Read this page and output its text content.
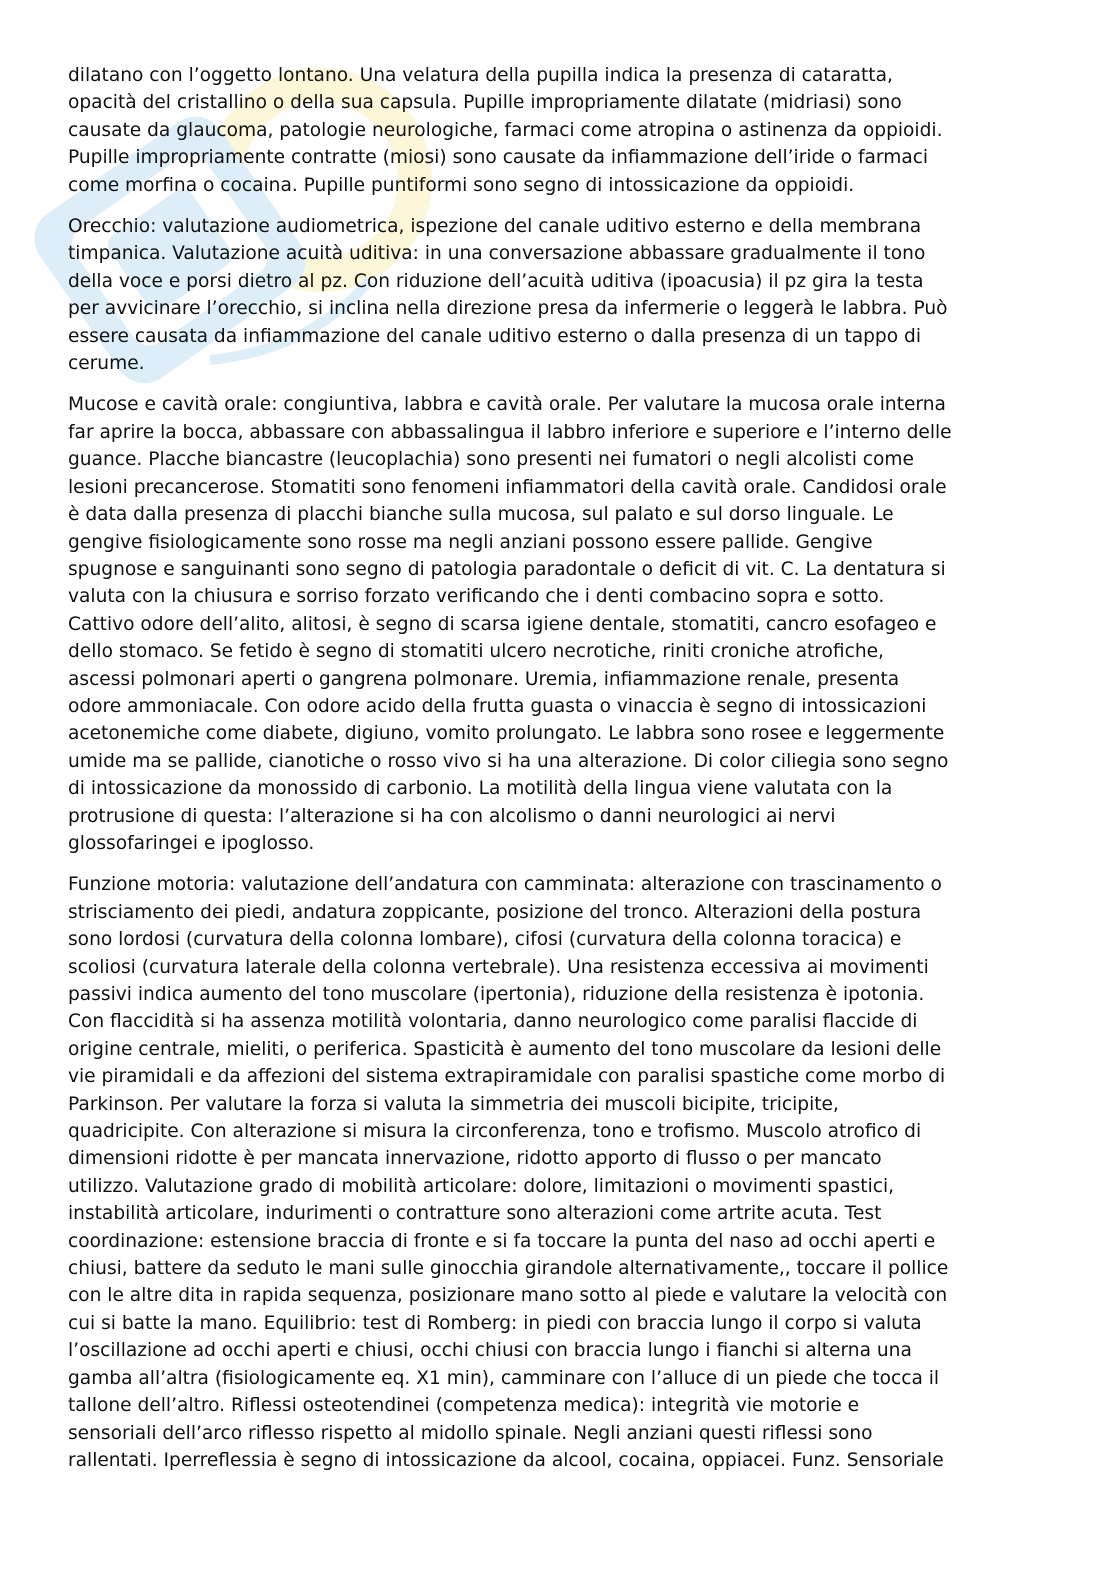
dilatano con l’oggetto lontano. Una velatura della pupilla indica la presenza di cataratta,
opacità del cristallino o della sua capsula. Pupille impropriamente dilatate (midriasi) sono
causate da glaucoma, patologie neurologiche, farmaci come atropina o astinenza da oppioidi.
Pupille impropriamente contratte (miosi) sono causate da infiammazione dell’iride o farmaci
come morfina o cocaina. Pupille puntiformi sono segno di intossicazione da oppioidi.

Orecchio: valutazione audiometrica, ispezione del canale uditivo esterno e della membrana
timpanica. Valutazione acuità uditiva: in una conversazione abbassare gradualmente il tono
della voce e porsi dietro al pz. Con riduzione dell’acuità uditiva (ipoacusia) il pz gira la testa
per avvicinare l’orecchio, si inclina nella direzione presa da infermerie o leggerà le labbra. Può
essere causata da infiammazione del canale uditivo esterno o dalla presenza di un tappo di
cerume.

Mucose e cavità orale: congiuntiva, labbra e cavità orale. Per valutare la mucosa orale interna
far aprire la bocca, abbassare con abbassalingua il labbro inferiore e superiore e l’interno delle
guance. Placche biancastre (leucoplachia) sono presenti nei fumatori o negli alcolisti come
lesioni precancerose. Stomatiti sono fenomeni infiammatori della cavità orale. Candidosi orale
è data dalla presenza di placchi bianche sulla mucosa, sul palato e sul dorso linguale. Le
gengive fisiologicamente sono rosse ma negli anziani possono essere pallide. Gengive
spugnose e sanguinanti sono segno di patologia paradontale o deficit di vit. C. La dentatura si
valuta con la chiusura e sorriso forzato verificando che i denti combacino sopra e sotto.
Cattivo odore dell’alito, alitosi, è segno di scarsa igiene dentale, stomatiti, cancro esofageo e
dello stomaco. Se fetido è segno di stomatiti ulcero necrotiche, riniti croniche atrofiche,
ascessi polmonari aperti o gangrena polmonare. Uremia, infiammazione renale, presenta
odore ammoniacale. Con odore acido della frutta guasta o vinaccia è segno di intossicazioni
acetonemiche come diabete, digiuno, vomito prolungato. Le labbra sono rosee e leggermente
umide ma se pallide, cianotiche o rosso vivo si ha una alterazione. Di color ciliegia sono segno
di intossicazione da monossido di carbonio. La motilità della lingua viene valutata con la
protrusione di questa: l’alterazione si ha con alcolismo o danni neurologici ai nervi
glossofaringei e ipoglosso.

Funzione motoria: valutazione dell’andatura con camminata: alterazione con trascinamento o
strisciamento dei piedi, andatura zoppicante, posizione del tronco. Alterazioni della postura
sono lordosi (curvatura della colonna lombare), cifosi (curvatura della colonna toracica) e
scoliosi (curvatura laterale della colonna vertebrale). Una resistenza eccessiva ai movimenti
passivi indica aumento del tono muscolare (ipertonia), riduzione della resistenza è ipotonia.
Con flaccidità si ha assenza motilità volontaria, danno neurologico come paralisi flaccide di
origine centrale, mieliti, o periferica. Spasticità è aumento del tono muscolare da lesioni delle
vie piramidali e da affezioni del sistema extrapiramidale con paralisi spastiche come morbo di
Parkinson. Per valutare la forza si valuta la simmetria dei muscoli bicipite, tricipite,
quadricipite. Con alterazione si misura la circonferenza, tono e trofismo. Muscolo atrofico di
dimensioni ridotte è per mancata innervazione, ridotto apporto di flusso o per mancato
utilizzo. Valutazione grado di mobilità articolare: dolore, limitazioni o movimenti spastici,
instabilità articolare, indurimenti o contratture sono alterazioni come artrite acuta. Test
coordinazione: estensione braccia di fronte e si fa toccare la punta del naso ad occhi aperti e
chiusi, battere da seduto le mani sulle ginocchia girandole alternativamente,, toccare il pollice
con le altre dita in rapida sequenza, posizionare mano sotto al piede e valutare la velocità con
cui si batte la mano. Equilibrio: test di Romberg: in piedi con braccia lungo il corpo si valuta
l’oscillazione ad occhi aperti e chiusi, occhi chiusi con braccia lungo i fianchi si alterna una
gamba all’altra (fisiologicamente eq. X1 min), camminare con l’alluce di un piede che tocca il
tallone dell’altro. Riflessi osteotendinei (competenza medica): integrità vie motorie e
sensoriali dell’arco riflesso rispetto al midollo spinale. Negli anziani questi riflessi sono
rallentati. Iperreflessia è segno di intossicazione da alcool, cocaina, oppiacei. Funz. Sensoriale
